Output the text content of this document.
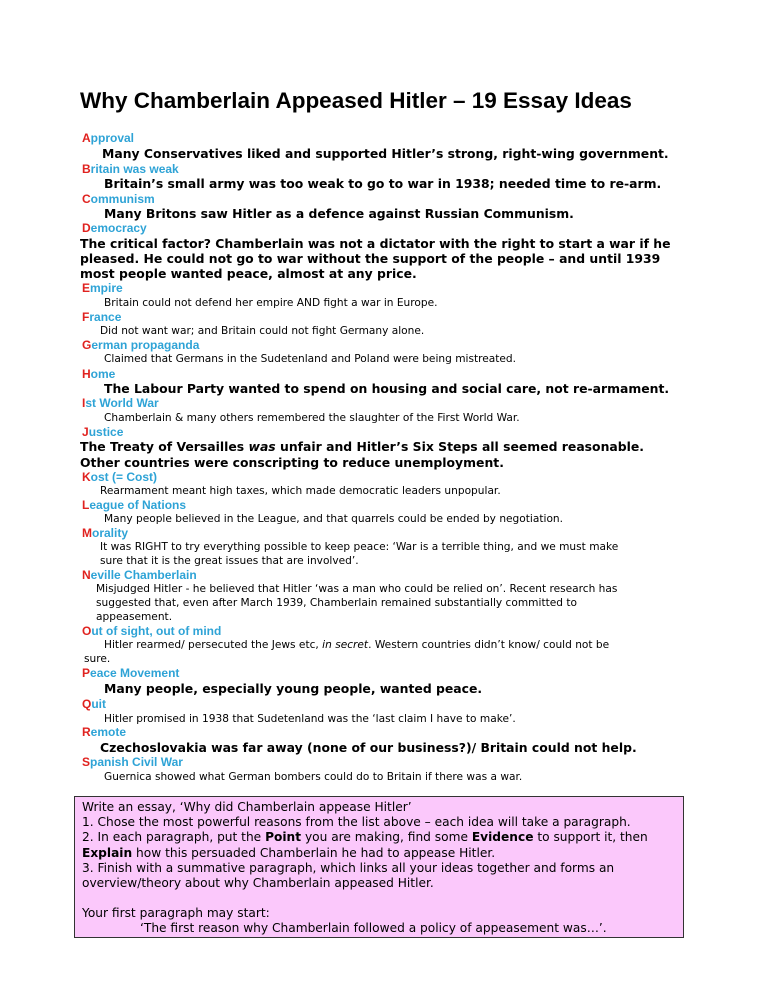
Why Chamberlain Appeased Hitler – 19 Essay Ideas
Approval
Many Conservatives liked and supported Hitler’s strong, right-wing government.
Britain was weak
Britain’s small army was too weak to go to war in 1938; needed time to re-arm.
Communism
Many Britons saw Hitler as a defence against Russian Communism.
Democracy
The critical factor? Chamberlain was not a dictator with the right to start a war if he
pleased. He could not go to war without the support of the people – and until 1939
most people wanted peace, almost at any price.
Empire
Britain could not defend her empire AND fight a war in Europe.
France
Did not want war; and Britain could not fight Germany alone.
German propaganda
Claimed that Germans in the Sudetenland and Poland were being mistreated.
Home
The Labour Party wanted to spend on housing and social care, not re-armament.
Ist World War
Chamberlain & many others remembered the slaughter of the First World War.
Justice
The Treaty of Versailles was unfair and Hitler’s Six Steps all seemed reasonable.
Other countries were conscripting to reduce unemployment.
Kost (= Cost)
Rearmament meant high taxes, which made democratic leaders unpopular.
League of Nations
Many people believed in the League, and that quarrels could be ended by negotiation.
Morality
It was RIGHT to try everything possible to keep peace: ‘War is a terrible thing, and we must make
sure that it is the great issues that are involved’.
Neville Chamberlain
Misjudged Hitler - he believed that Hitler ‘was a man who could be relied on’. Recent research has
suggested that, even after March 1939, Chamberlain remained substantially committed to
appeasement.
Out of sight, out of mind
Hitler rearmed/ persecuted the Jews etc, in secret. Western countries didn’t know/ could not be
sure.
Peace Movement
Many people, especially young people, wanted peace.
Quit
Hitler promised in 1938 that Sudetenland was the ‘last claim I have to make’.
Remote
Czechoslovakia was far away (none of our business?)/ Britain could not help.
Spanish Civil War
Guernica showed what German bombers could do to Britain if there was a war.
Write an essay, ‘Why did Chamberlain appease Hitler’
1. Chose the most powerful reasons from the list above – each idea will take a paragraph.
2. In each paragraph, put the Point you are making, find some Evidence to support it, then
Explain how this persuaded Chamberlain he had to appease Hitler.
3. Finish with a summative paragraph, which links all your ideas together and forms an
overview/theory about why Chamberlain appeased Hitler.
Your first paragraph may start:
‘The first reason why Chamberlain followed a policy of appeasement was…’.
